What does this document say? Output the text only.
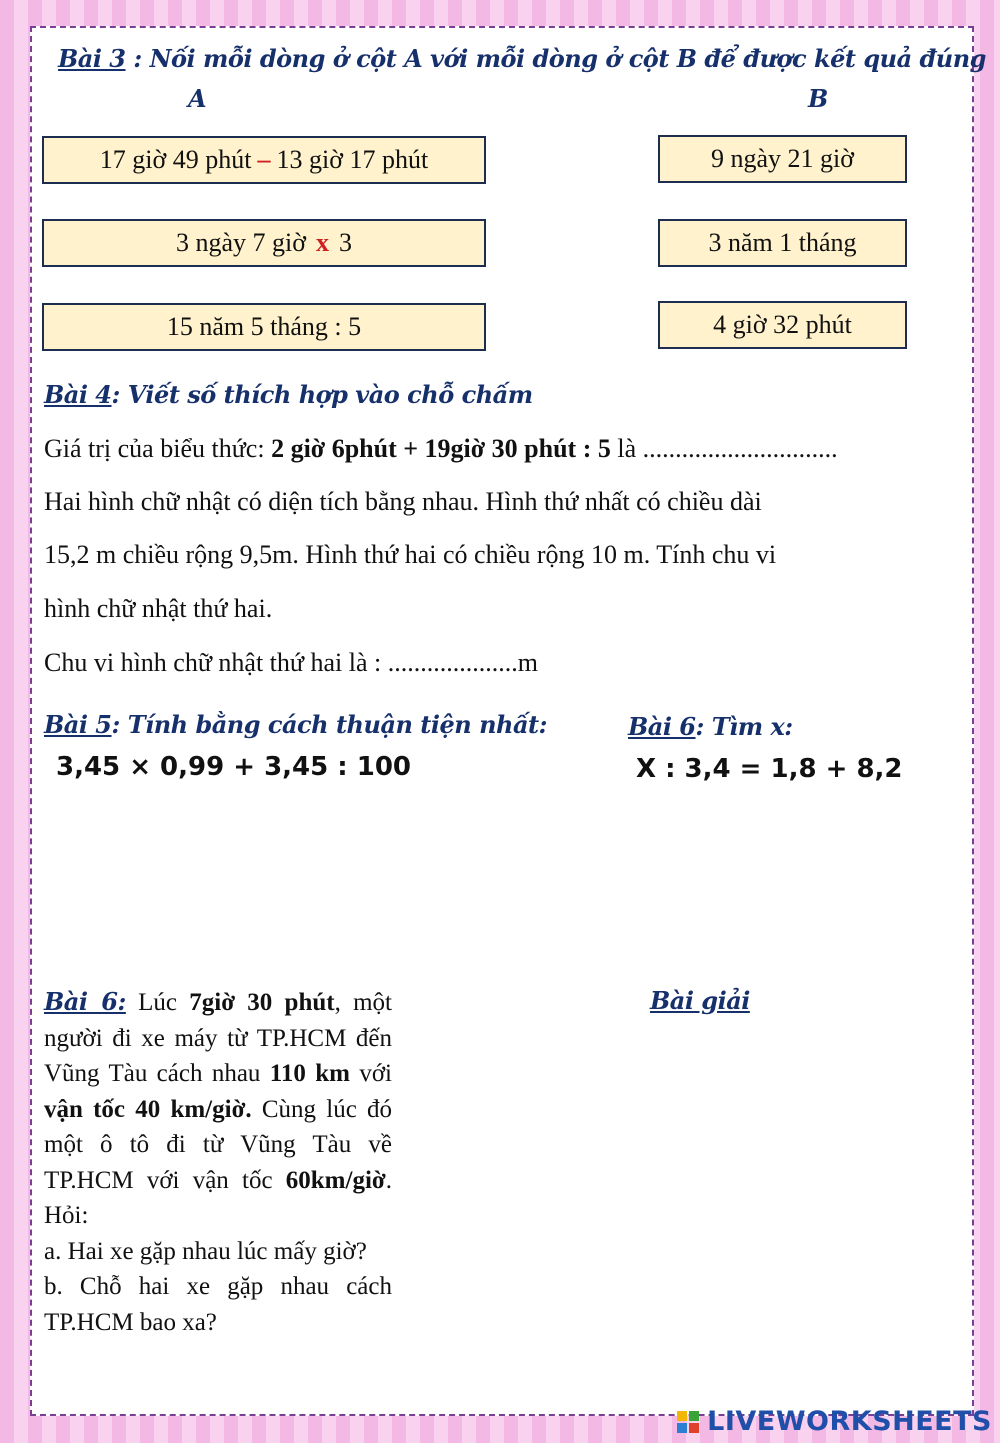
Bài 3 : Nối mỗi dòng ở cột A với mỗi dòng ở cột B để được kết quả đúng
A	B
17 giờ 49 phút – 13 giờ 17 phút
3 ngày 7 giờ x 3
15 năm 5 tháng : 5
9 ngày 21 giờ
3 năm 1 tháng
4 giờ 32 phút
Bài 4: Viết số thích hợp vào chỗ chấm
Giá trị của biểu thức: 2 giờ 6phút + 19giờ 30 phút : 5 là ..............................
Hai hình chữ nhật có diện tích bằng nhau. Hình thứ nhất có chiều dài
15,2 m chiều rộng 9,5m. Hình thứ hai có chiều rộng 10 m. Tính chu vi
hình chữ nhật thứ hai.
Chu vi hình chữ nhật thứ hai là : ....................m
Bài 5: Tính bằng cách thuận tiện nhất:
3,45 × 0,99 + 3,45 : 100
Bài 6: Tìm x:
X : 3,4 = 1,8 + 8,2

Bài 6: Lúc 7giờ 30 phút, một người đi xe máy từ TP.HCM đến Vũng Tàu cách nhau 110 km với vận tốc 40 km/giờ. Cùng lúc đó một ô tô đi từ Vũng Tàu về TP.HCM với vận tốc 60km/giờ. Hỏi:

a. Hai xe gặp nhau lúc mấy giờ?

b. Chỗ hai xe gặp nhau cách TP.HCM bao xa?

Bài giải
LIVEWORKSHEETS
